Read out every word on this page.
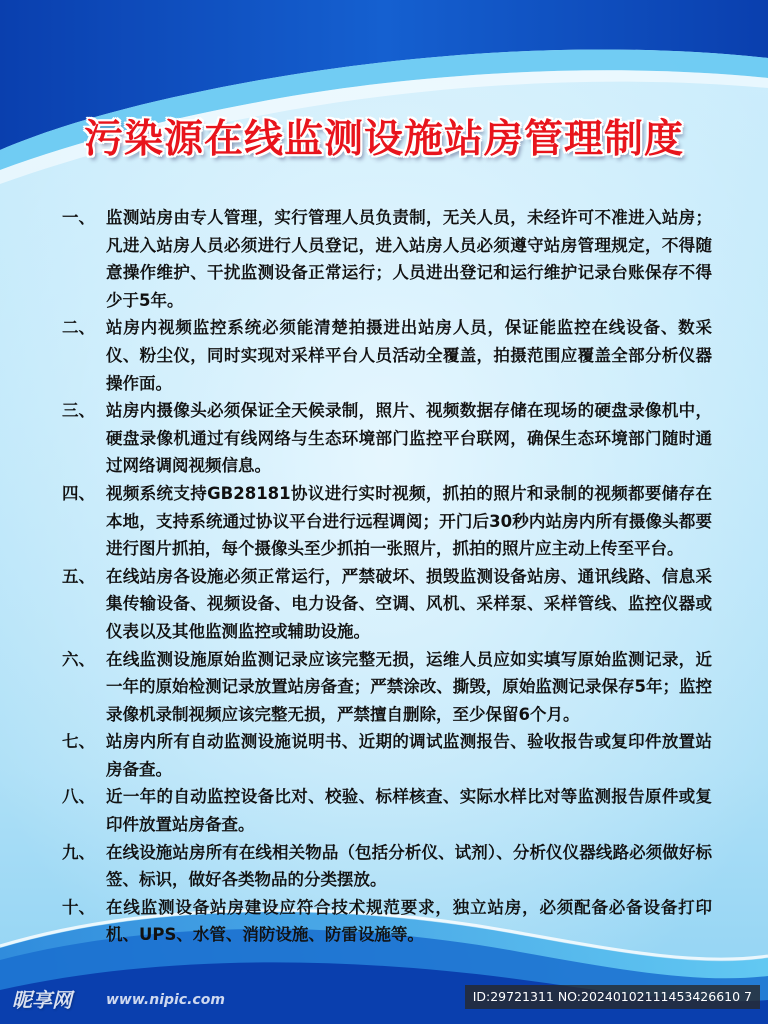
污染源在线监测设施站房管理制度
一、 监测站房由专人管理，实行管理人员负责制，无关人员，未经许可不准进入站房；凡进入站房人员必须进行人员登记，进入站房人员必须遵守站房管理规定，不得随意操作维护、干扰监测设备正常运行；人员进出登记和运行维护记录台账保存不得少于5年。
二、 站房内视频监控系统必须能清楚拍摄进出站房人员，保证能监控在线设备、数采仪、粉尘仪，同时实现对采样平台人员活动全覆盖，拍摄范围应覆盖全部分析仪器操作面。
三、 站房内摄像头必须保证全天候录制，照片、视频数据存储在现场的硬盘录像机中，硬盘录像机通过有线网络与生态环境部门监控平台联网，确保生态环境部门随时通过网络调阅视频信息。
四、 视频系统支持GB28181协议进行实时视频，抓拍的照片和录制的视频都要储存在本地，支持系统通过协议平台进行远程调阅；开门后30秒内站房内所有摄像头都要进行图片抓拍，每个摄像头至少抓拍一张照片，抓拍的照片应主动上传至平台。
五、 在线站房各设施必须正常运行，严禁破坏、损毁监测设备站房、通讯线路、信息采集传输设备、视频设备、电力设备、空调、风机、采样泵、采样管线、监控仪器或仪表以及其他监测监控或辅助设施。
六、 在线监测设施原始监测记录应该完整无损，运维人员应如实填写原始监测记录，近一年的原始检测记录放置站房备查；严禁涂改、撕毁，原始监测记录保存5年；监控录像机录制视频应该完整无损，严禁擅自删除，至少保留6个月。
七、 站房内所有自动监测设施说明书、近期的调试监测报告、验收报告或复印件放置站房备查。
八、 近一年的自动监控设备比对、校验、标样核查、实际水样比对等监测报告原件或复印件放置站房备查。
九、 在线设施站房所有在线相关物品（包括分析仪、试剂）、分析仪仪器线路必须做好标签、标识，做好各类物品的分类摆放。
十、 在线监测设备站房建设应符合技术规范要求，独立站房，必须配备必备设备打印机、UPS、水管、消防设施、防雷设施等。
昵享网 www.nipic.com	ID:29721311 NO:20240102111453426610 7
